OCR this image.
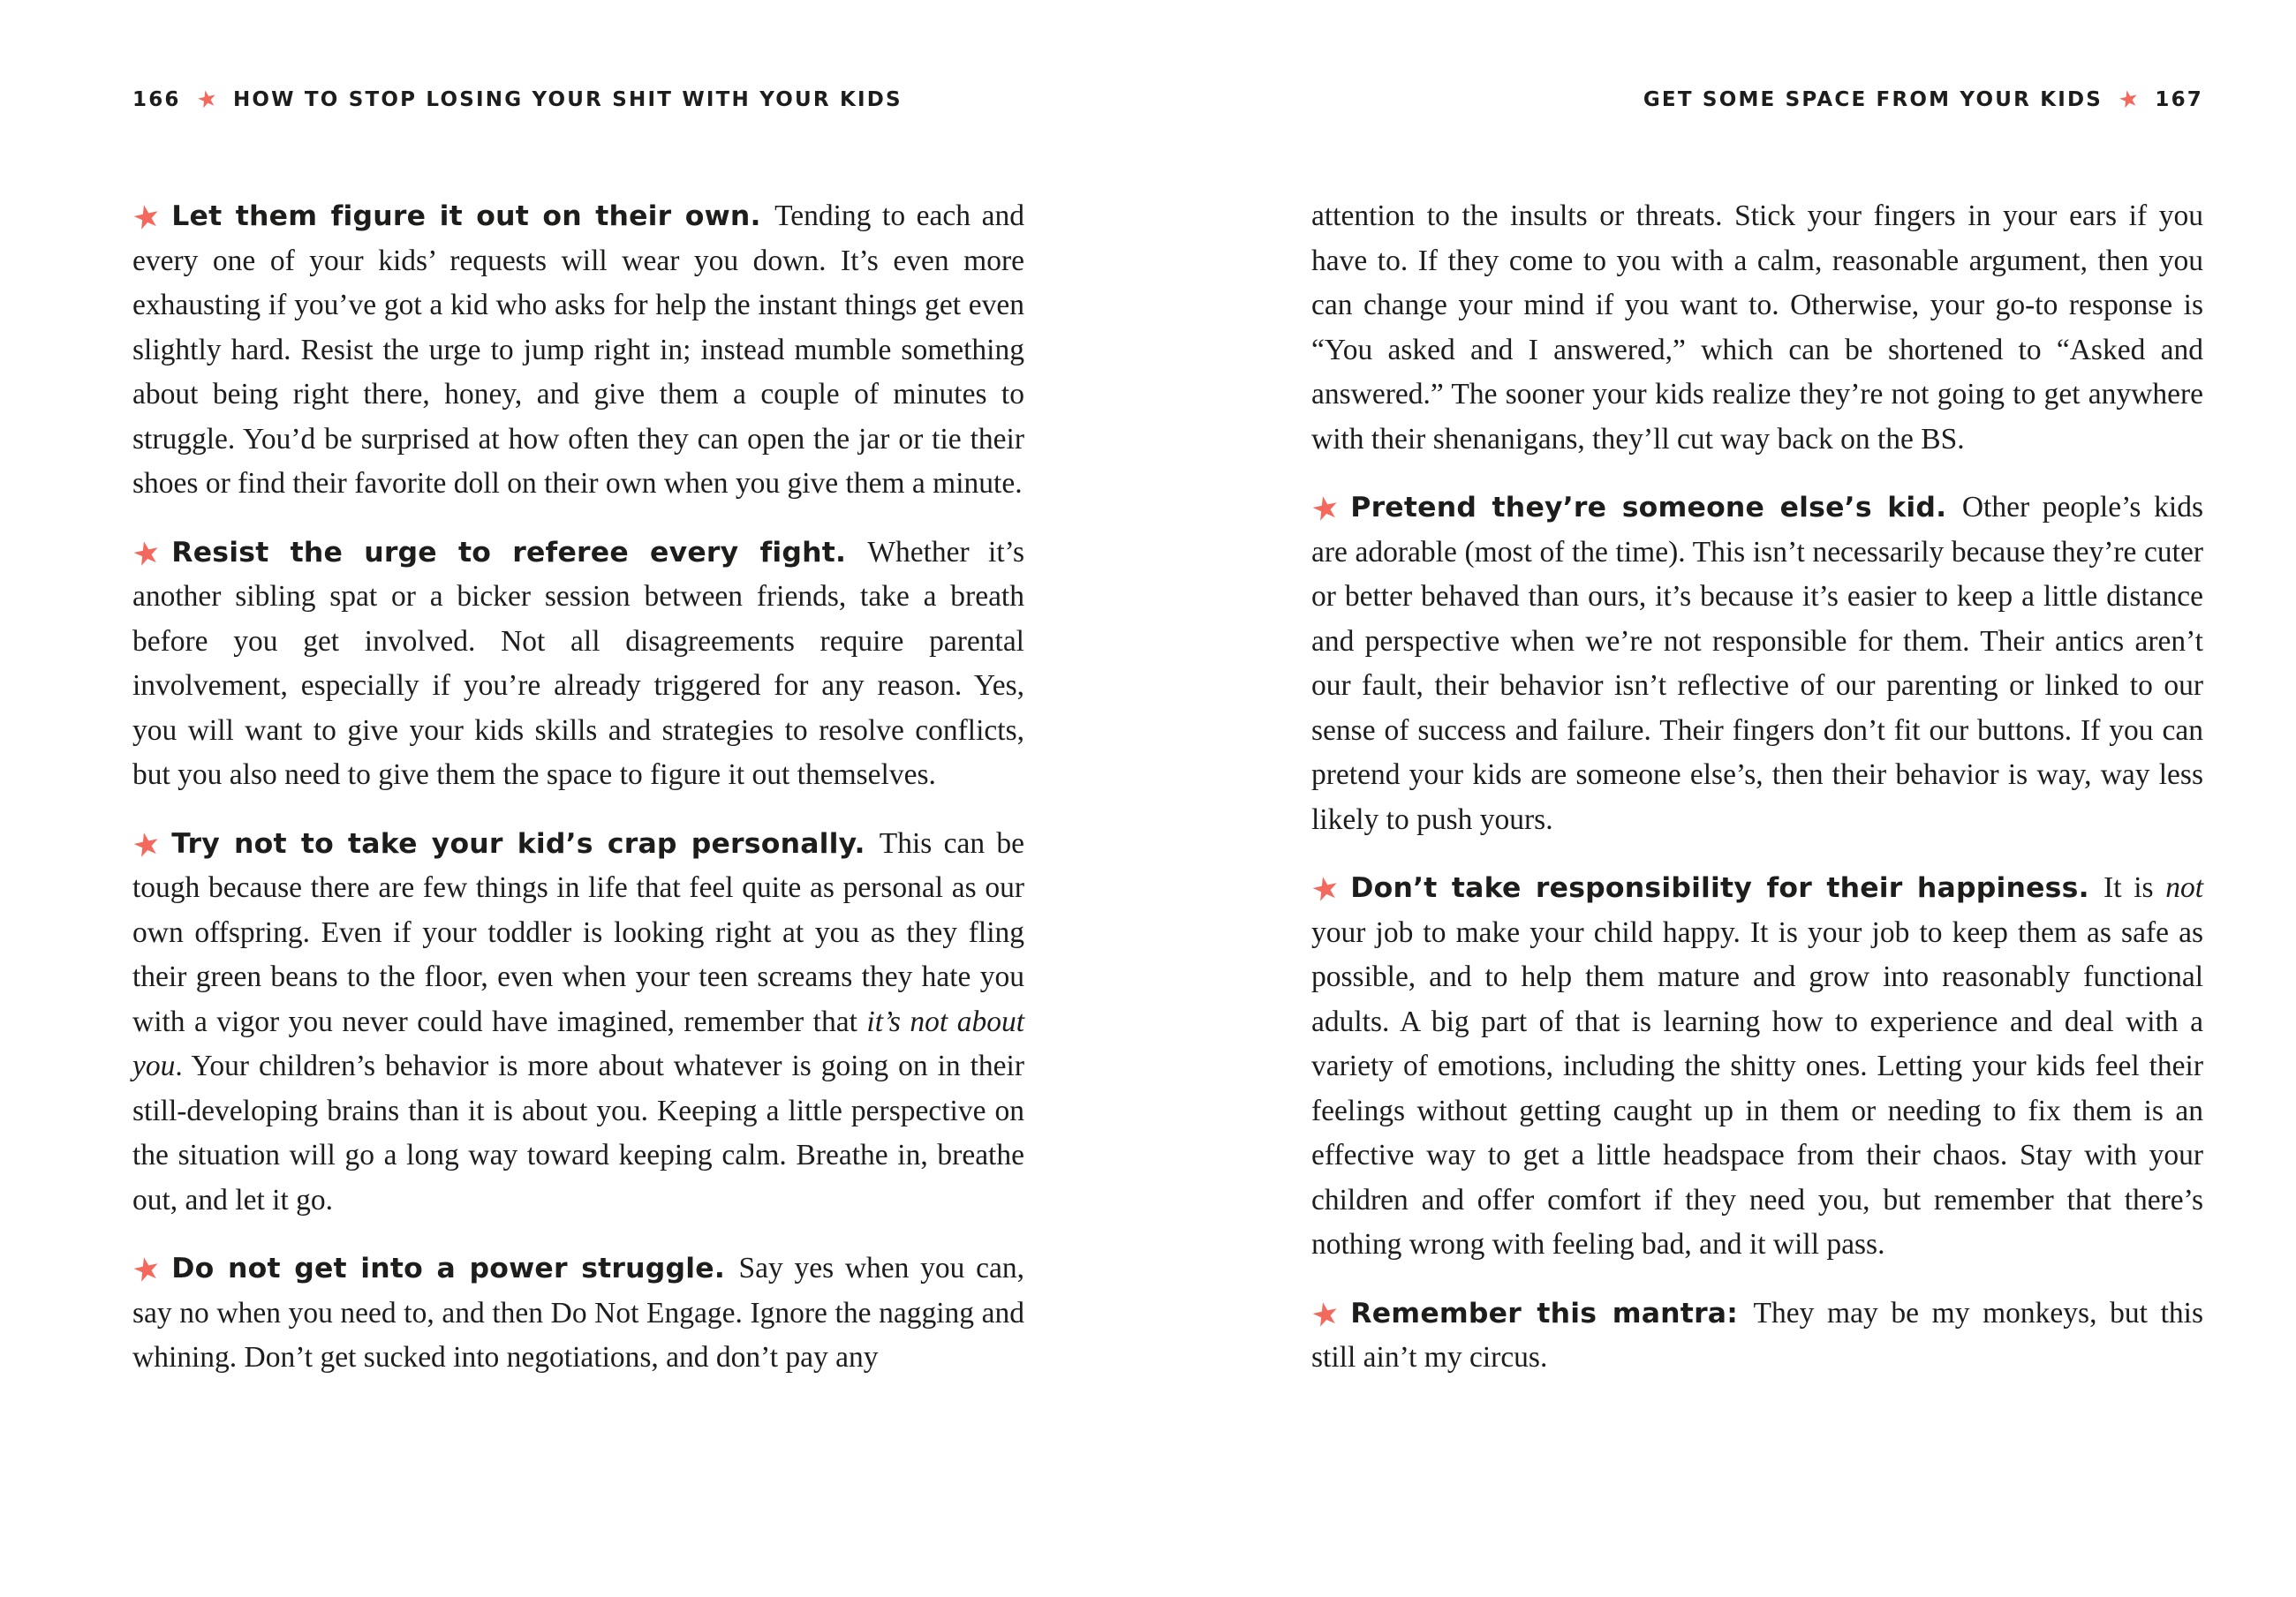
166 ★ HOW TO STOP LOSING YOUR SHIT WITH YOUR KIDS

★ Let them figure it out on their own. Tending to each and every one of your kids’ requests will wear you down. It’s even more exhausting if you’ve got a kid who asks for help the instant things get even slightly hard. Resist the urge to jump right in; instead mumble something about being right there, honey, and give them a couple of minutes to struggle. You’d be surprised at how often they can open the jar or tie their shoes or find their favorite doll on their own when you give them a minute.

★ Resist the urge to referee every fight. Whether it’s another sibling spat or a bicker session between friends, take a breath before you get involved. Not all disagreements require parental involvement, especially if you’re already triggered for any reason. Yes, you will want to give your kids skills and strategies to resolve conflicts, but you also need to give them the space to figure it out themselves.

★ Try not to take your kid’s crap personally. This can be tough because there are few things in life that feel quite as personal as our own offspring. Even if your toddler is looking right at you as they fling their green beans to the floor, even when your teen screams they hate you with a vigor you never could have imagined, remember that it’s not about you. Your children’s behavior is more about whatever is going on in their still-developing brains than it is about you. Keeping a little perspective on the situation will go a long way toward keeping calm. Breathe in, breathe out, and let it go.

★ Do not get into a power struggle. Say yes when you can, say no when you need to, and then Do Not Engage. Ignore the nagging and whining. Don’t get sucked into negotiations, and don’t pay any

GET SOME SPACE FROM YOUR KIDS ★ 167

attention to the insults or threats. Stick your fingers in your ears if you have to. If they come to you with a calm, reasonable argument, then you can change your mind if you want to. Otherwise, your go-to response is “You asked and I answered,” which can be shortened to “Asked and answered.” The sooner your kids realize they’re not going to get anywhere with their shenanigans, they’ll cut way back on the BS.

★ Pretend they’re someone else’s kid. Other people’s kids are adorable (most of the time). This isn’t necessarily because they’re cuter or better behaved than ours, it’s because it’s easier to keep a little distance and perspective when we’re not responsible for them. Their antics aren’t our fault, their behavior isn’t reflective of our parenting or linked to our sense of success and failure. Their fingers don’t fit our buttons. If you can pretend your kids are someone else’s, then their behavior is way, way less likely to push yours.

★ Don’t take responsibility for their happiness. It is not your job to make your child happy. It is your job to keep them as safe as possible, and to help them mature and grow into reasonably functional adults. A big part of that is learning how to experience and deal with a variety of emotions, including the shitty ones. Letting your kids feel their feelings without getting caught up in them or needing to fix them is an effective way to get a little headspace from their chaos. Stay with your children and offer comfort if they need you, but remember that there’s nothing wrong with feeling bad, and it will pass.

★ Remember this mantra: They may be my monkeys, but this still ain’t my circus.
